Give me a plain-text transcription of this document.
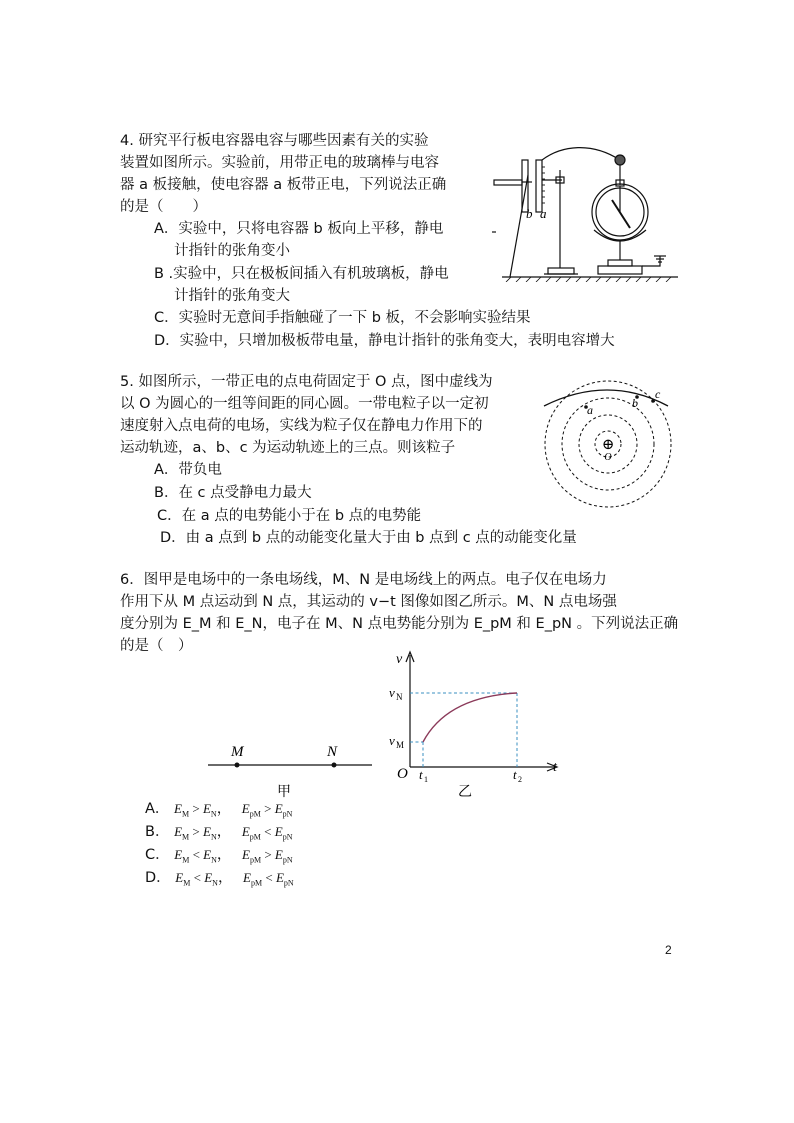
4. 研究平行板电容器电容与哪些因素有关的实验
装置如图所示。实验前，用带正电的玻璃棒与电容
器 a 板接触，使电容器 a 板带正电，下列说法正确
的是（　　）
A．实验中，只将电容器 b 板向上平移，静电
计指针的张角变小
B .实验中，只在极板间插入有机玻璃板，静电
计指针的张角变大
C．实验时无意间手指触碰了一下 b 板，不会影响实验结果
D．实验中，只增加极板带电量，静电计指针的张角变大，表明电容增大
b a
5. 如图所示，一带正电的点电荷固定于 O 点，图中虚线为
以 O 为圆心的一组等间距的同心圆。一带电粒子以一定初
速度射入点电荷的电场，实线为粒子仅在静电力作用下的
运动轨迹，a、b、c 为运动轨迹上的三点。则该粒子
A．带负电
B．在 c 点受静电力最大
C．在 a 点的电势能小于在 b 点的电势能
D．由 a 点到 b 点的动能变化量大于由 b 点到 c 点的动能变化量
a	b
c
⊕
O
6．图甲是电场中的一条电场线，M、N 是电场线上的两点。电子仅在电场力
作用下从 M 点运动到 N 点，其运动的 v−t 图像如图乙所示。M、N 点电场强
度分别为 E_M 和 E_N，电子在 M、N 点电势能分别为 E_pM 和 E_pN 。下列说法正确
的是（　）
M	N
甲
v
t
O
v N
v M
t 1	t 2
乙
A． $E_M > E_N$， $E_{pM} > E_{pN}$
B． $E_M > E_N$， $E_{pM} < E_{pN}$
C． $E_M < E_N$， $E_{pM} > E_{pN}$
D． $E_M < E_N$， $E_{pM} < E_{pN}$
2
